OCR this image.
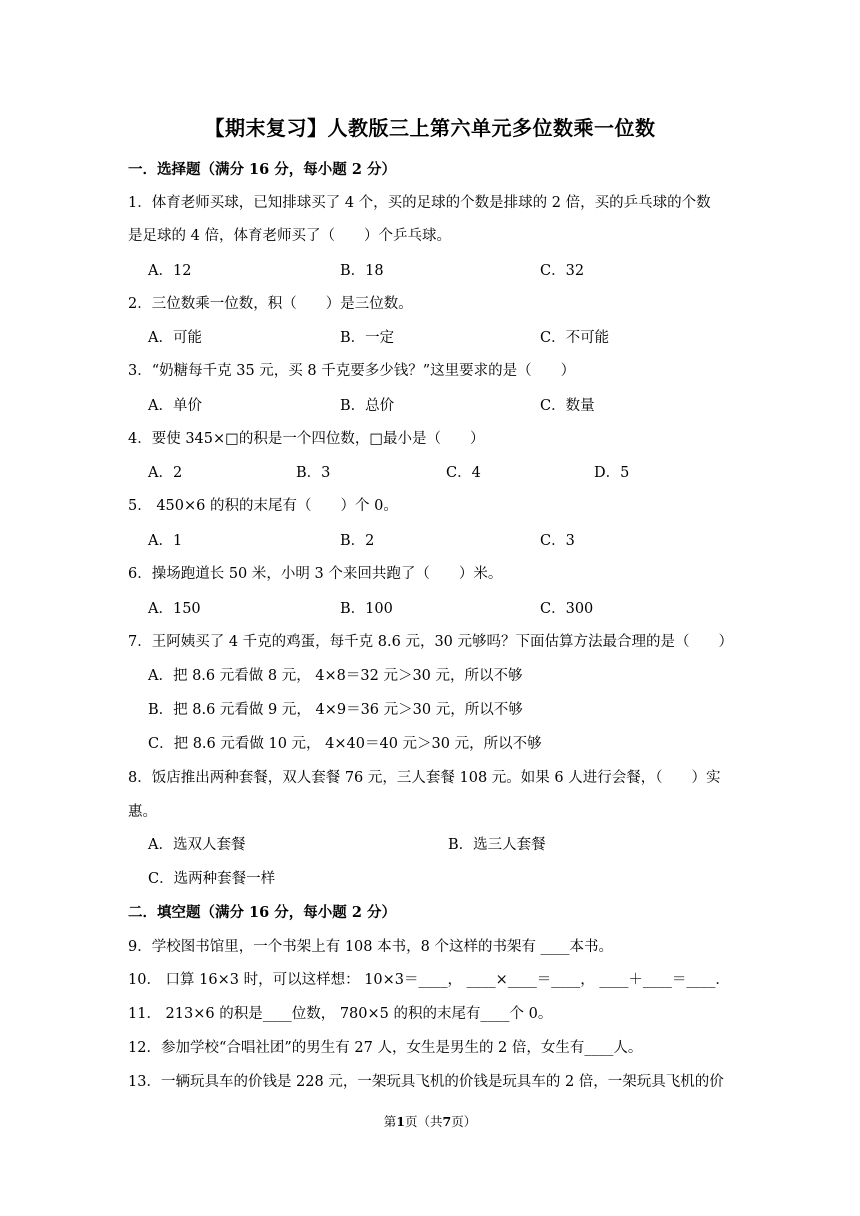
【期末复习】人教版三上第六单元多位数乘一位数
一．选择题（满分 16 分，每小题 2 分）
1．体育老师买球，已知排球买了 4 个，买的足球的个数是排球的 2 倍，买的乒乓球的个数
是足球的 4 倍，体育老师买了（　　）个乒乓球。
A．12	B．18	C．32
2．三位数乘一位数，积（　　）是三位数。
A．可能	B．一定	C．不可能
3．“奶糖每千克 35 元，买 8 千克要多少钱？”这里要求的是（　　）
A．单价	B．总价	C．数量
4．要使 345×□的积是一个四位数，□最小是（　　）
A．2	B．3	C．4	D．5
5． 450×6 的积的末尾有（　　）个 0。
A．1	B．2	C．3
6．操场跑道长 50 米，小明 3 个来回共跑了（　　）米。
A．150	B．100	C．300
7．王阿姨买了 4 千克的鸡蛋，每千克 8.6 元，30 元够吗？下面估算方法最合理的是（　　）
A．把 8.6 元看做 8 元， 4×8＝32 元＞30 元，所以不够
B．把 8.6 元看做 9 元， 4×9＝36 元＞30 元，所以不够
C．把 8.6 元看做 10 元， 4×40＝40 元＞30 元，所以不够
8．饭店推出两种套餐，双人套餐 76 元，三人套餐 108 元。如果 6 人进行会餐，（　　）实
惠。
A．选双人套餐	B．选三人套餐
C．选两种套餐一样
二．填空题（满分 16 分，每小题 2 分）
9．学校图书馆里，一个书架上有 108 本书，8 个这样的书架有 ____本书。
10． 口算 16×3 时，可以这样想： 10×3＝____， ____×____＝____， ____＋____＝____．
11． 213×6 的积是____位数， 780×5 的积的末尾有____个 0。
12．参加学校“合唱社团”的男生有 27 人，女生是男生的 2 倍，女生有____人。
13．一辆玩具车的价钱是 228 元，一架玩具飞机的价钱是玩具车的 2 倍，一架玩具飞机的价
第1页（共7页）
